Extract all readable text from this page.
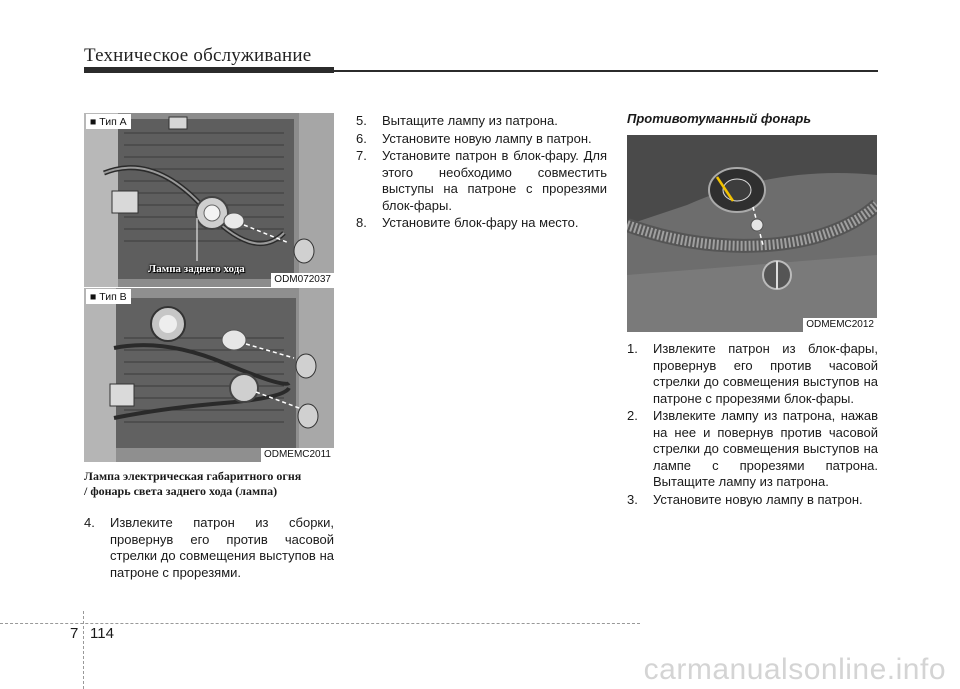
Техническое обслуживание
■ Тип A
Лампа заднего хода
ODM072037
■ Тип B
ODMEMC2011
Лампа электрическая габаритного огня / фонарь света заднего хода (лампа)
4. Извлеките патрон из сборки, провернув его против часовой стрелки до совмещения выступов на патроне с прорезями.
5. Вытащите лампу из патрона.
6. Установите новую лампу в патрон.
7. Установите патрон в блок-фару. Для этого необходимо совместить выступы на патроне с прорезями блок-фары.
8. Установите блок-фару на место.
Противотуманный фонарь
ODMEMC2012
1. Извлеките патрон из блок-фары, провернув его против часовой стрелки до совмещения выступов на патроне с прорезями блок-фары.
2. Извлеките лампу из патрона, нажав на нее и повернув против часовой стрелки до совмещения выступов на лампе с прорезями патрона. Вытащите лампу из патрона.
3. Установите новую лампу в патрон.
7 114
carmanualsonline.info
